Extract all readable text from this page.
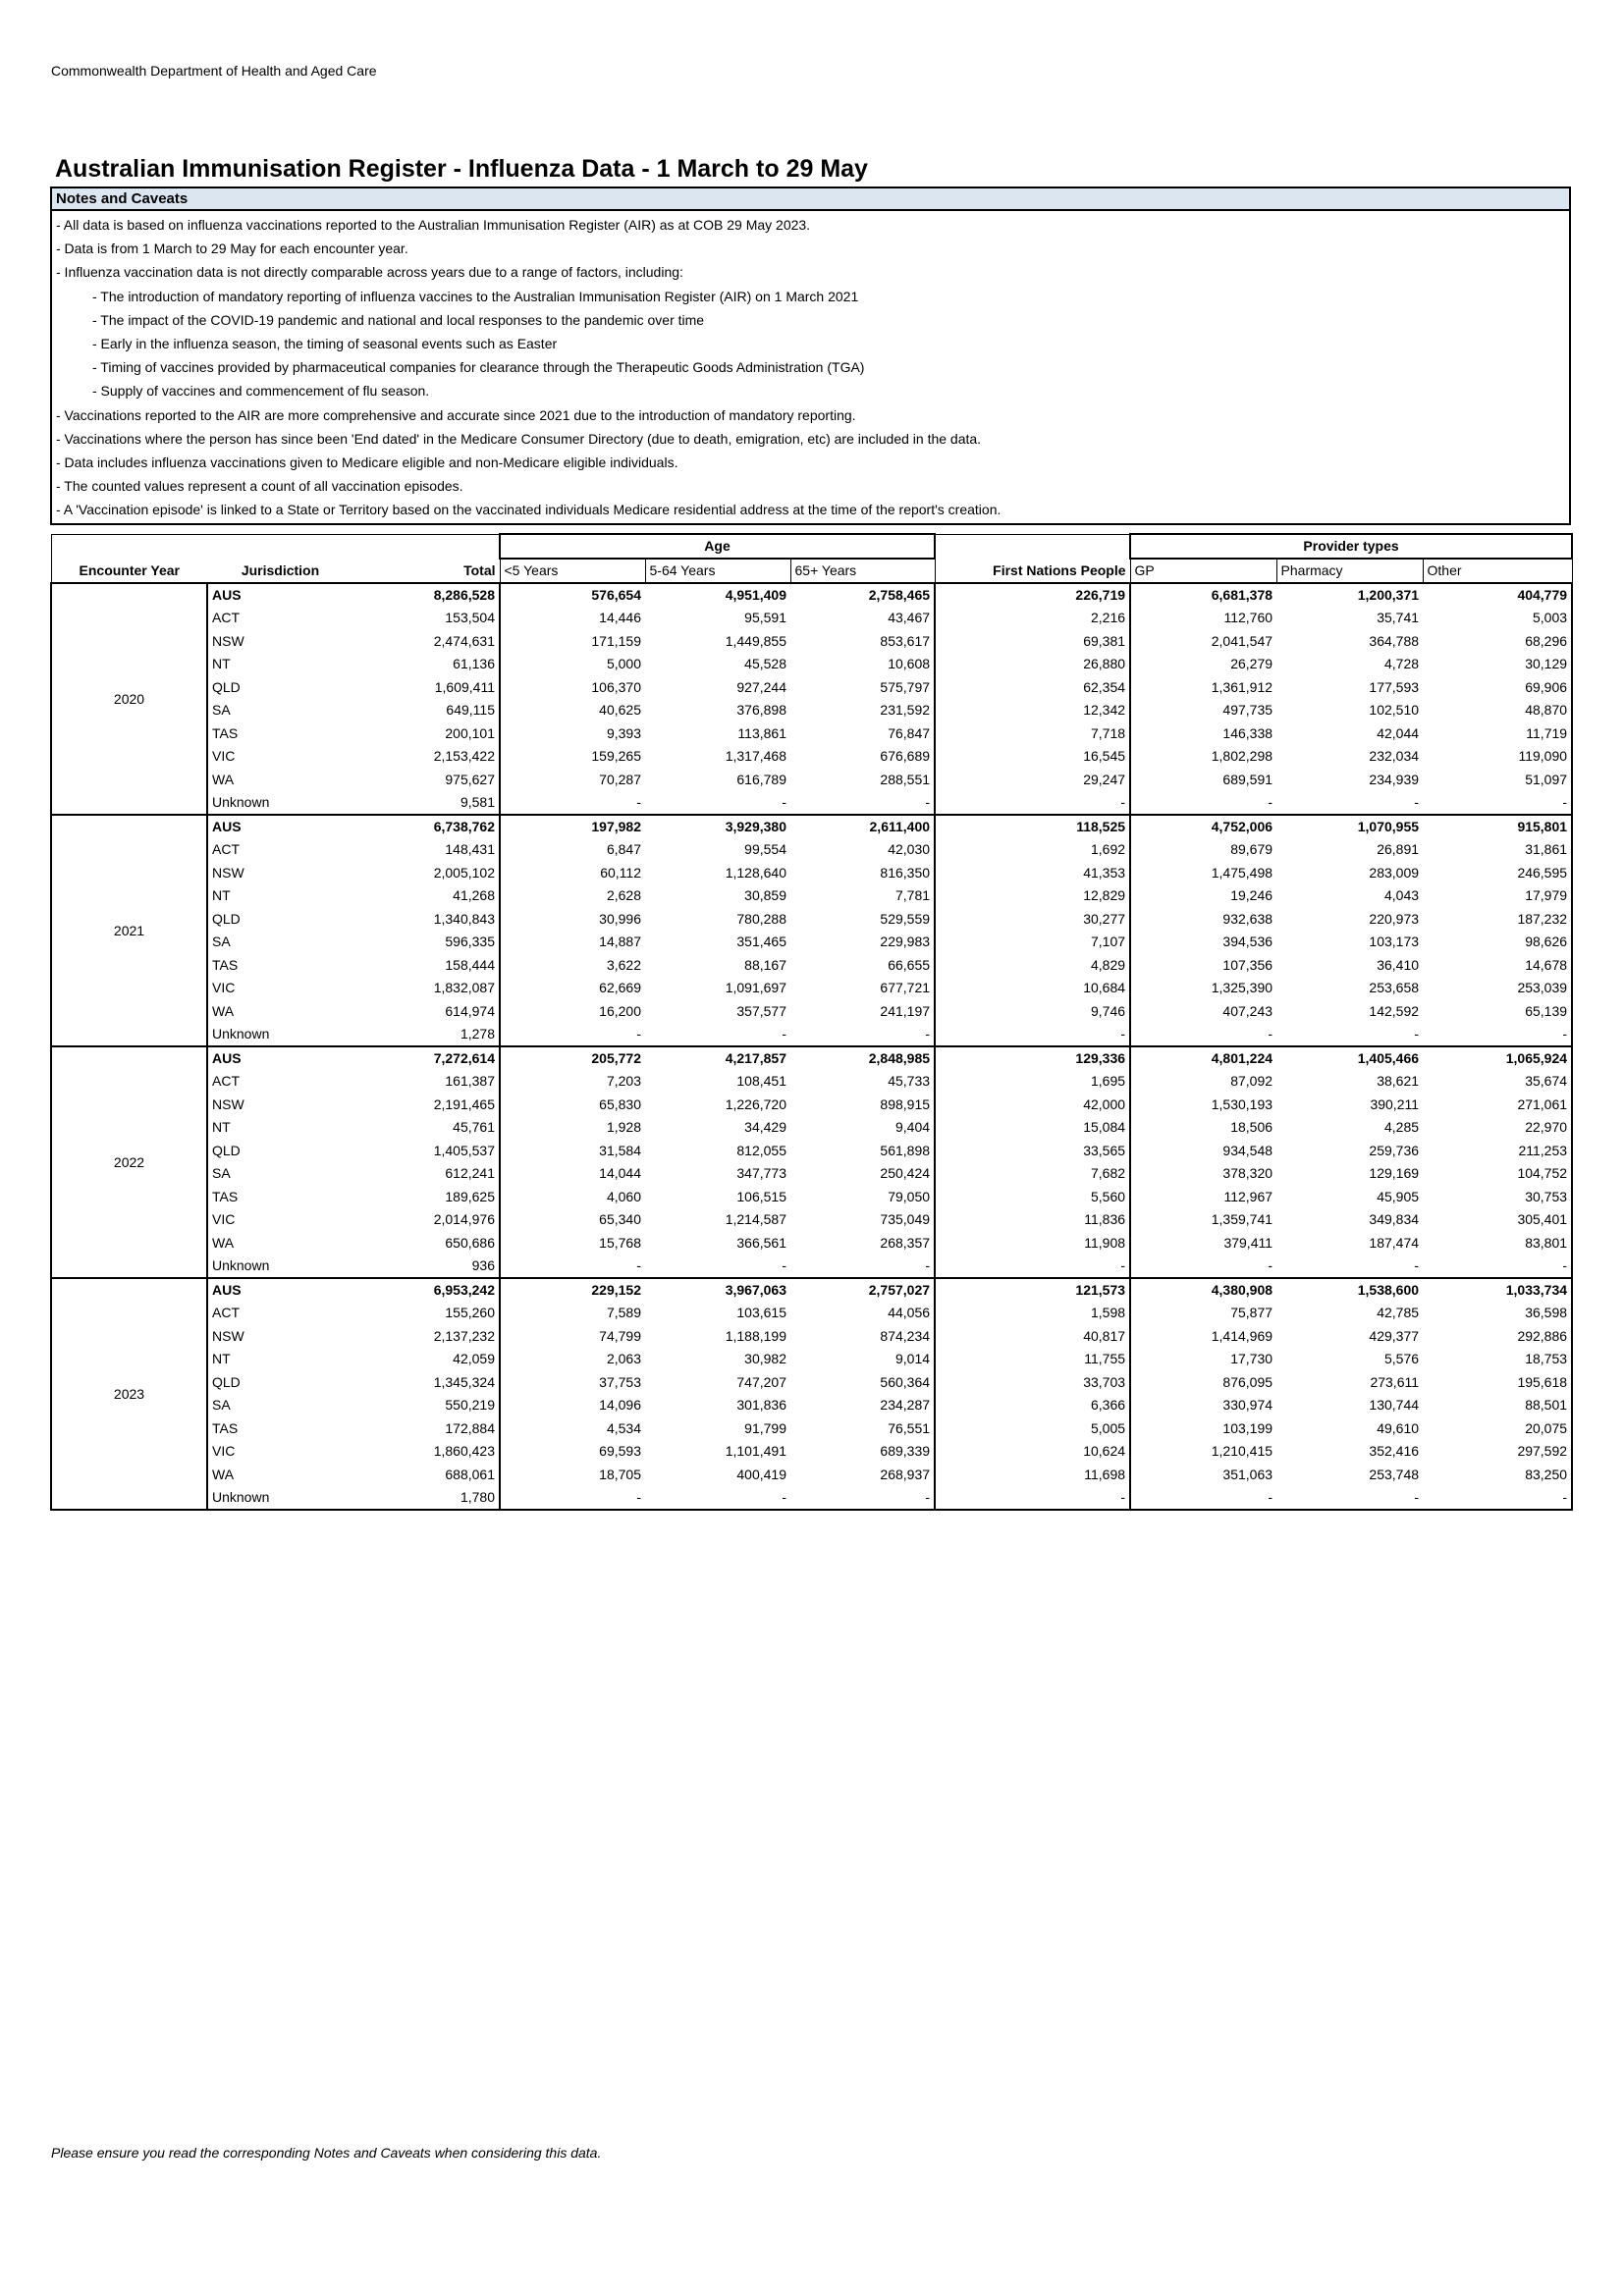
Commonwealth Department of Health and Aged Care
Australian Immunisation Register - Influenza Data - 1 March to 29 May
Notes and Caveats
- All data is based on influenza vaccinations reported to the Australian Immunisation Register (AIR) as at COB 29 May 2023.
- Data is from 1 March to 29 May for each encounter year.
- Influenza vaccination data is not directly comparable across years due to a range of factors, including:
- The introduction of mandatory reporting of influenza vaccines to the Australian Immunisation Register (AIR) on 1 March 2021
- The impact of the COVID-19 pandemic and national and local responses to the pandemic over time
- Early in the influenza season, the timing of seasonal events such as Easter
- Timing of vaccines provided by pharmaceutical companies for clearance through the Therapeutic Goods Administration (TGA)
- Supply of vaccines and commencement of flu season.
- Vaccinations reported to the AIR are more comprehensive and accurate since 2021 due to the introduction of mandatory reporting.
- Vaccinations where the person has since been 'End dated' in the Medicare Consumer Directory (due to death, emigration, etc) are included in the data.
- Data includes influenza vaccinations given to Medicare eligible and non-Medicare eligible individuals.
- The counted values represent a count of all vaccination episodes.
- A 'Vaccination episode' is linked to a State or Territory based on the vaccinated individuals Medicare residential address at the time of the report's creation.
			Age				Provider types		
Encounter Year	Jurisdiction	Total	<5 Years	5-64 Years	65+ Years	First Nations People	GP	Pharmacy	Other
2020	AUS	8,286,528	576,654	4,951,409	2,758,465	226,719	6,681,378	1,200,371	404,779
	ACT	153,504	14,446	95,591	43,467	2,216	112,760	35,741	5,003
	NSW	2,474,631	171,159	1,449,855	853,617	69,381	2,041,547	364,788	68,296
	NT	61,136	5,000	45,528	10,608	26,880	26,279	4,728	30,129
	QLD	1,609,411	106,370	927,244	575,797	62,354	1,361,912	177,593	69,906
	SA	649,115	40,625	376,898	231,592	12,342	497,735	102,510	48,870
	TAS	200,101	9,393	113,861	76,847	7,718	146,338	42,044	11,719
	VIC	2,153,422	159,265	1,317,468	676,689	16,545	1,802,298	232,034	119,090
	WA	975,627	70,287	616,789	288,551	29,247	689,591	234,939	51,097
	Unknown	9,581	-	-	-	-	-	-	-
2021	AUS	6,738,762	197,982	3,929,380	2,611,400	118,525	4,752,006	1,070,955	915,801
	ACT	148,431	6,847	99,554	42,030	1,692	89,679	26,891	31,861
	NSW	2,005,102	60,112	1,128,640	816,350	41,353	1,475,498	283,009	246,595
	NT	41,268	2,628	30,859	7,781	12,829	19,246	4,043	17,979
	QLD	1,340,843	30,996	780,288	529,559	30,277	932,638	220,973	187,232
	SA	596,335	14,887	351,465	229,983	7,107	394,536	103,173	98,626
	TAS	158,444	3,622	88,167	66,655	4,829	107,356	36,410	14,678
	VIC	1,832,087	62,669	1,091,697	677,721	10,684	1,325,390	253,658	253,039
	WA	614,974	16,200	357,577	241,197	9,746	407,243	142,592	65,139
	Unknown	1,278	-	-	-	-	-	-	-
2022	AUS	7,272,614	205,772	4,217,857	2,848,985	129,336	4,801,224	1,405,466	1,065,924
	ACT	161,387	7,203	108,451	45,733	1,695	87,092	38,621	35,674
	NSW	2,191,465	65,830	1,226,720	898,915	42,000	1,530,193	390,211	271,061
	NT	45,761	1,928	34,429	9,404	15,084	18,506	4,285	22,970
	QLD	1,405,537	31,584	812,055	561,898	33,565	934,548	259,736	211,253
	SA	612,241	14,044	347,773	250,424	7,682	378,320	129,169	104,752
	TAS	189,625	4,060	106,515	79,050	5,560	112,967	45,905	30,753
	VIC	2,014,976	65,340	1,214,587	735,049	11,836	1,359,741	349,834	305,401
	WA	650,686	15,768	366,561	268,357	11,908	379,411	187,474	83,801
	Unknown	936	-	-	-	-	-	-	-
2023	AUS	6,953,242	229,152	3,967,063	2,757,027	121,573	4,380,908	1,538,600	1,033,734
	ACT	155,260	7,589	103,615	44,056	1,598	75,877	42,785	36,598
	NSW	2,137,232	74,799	1,188,199	874,234	40,817	1,414,969	429,377	292,886
	NT	42,059	2,063	30,982	9,014	11,755	17,730	5,576	18,753
	QLD	1,345,324	37,753	747,207	560,364	33,703	876,095	273,611	195,618
	SA	550,219	14,096	301,836	234,287	6,366	330,974	130,744	88,501
	TAS	172,884	4,534	91,799	76,551	5,005	103,199	49,610	20,075
	VIC	1,860,423	69,593	1,101,491	689,339	10,624	1,210,415	352,416	297,592
	WA	688,061	18,705	400,419	268,937	11,698	351,063	253,748	83,250
	Unknown	1,780	-	-	-	-	-	-	-
Please ensure you read the corresponding Notes and Caveats when considering this data.
